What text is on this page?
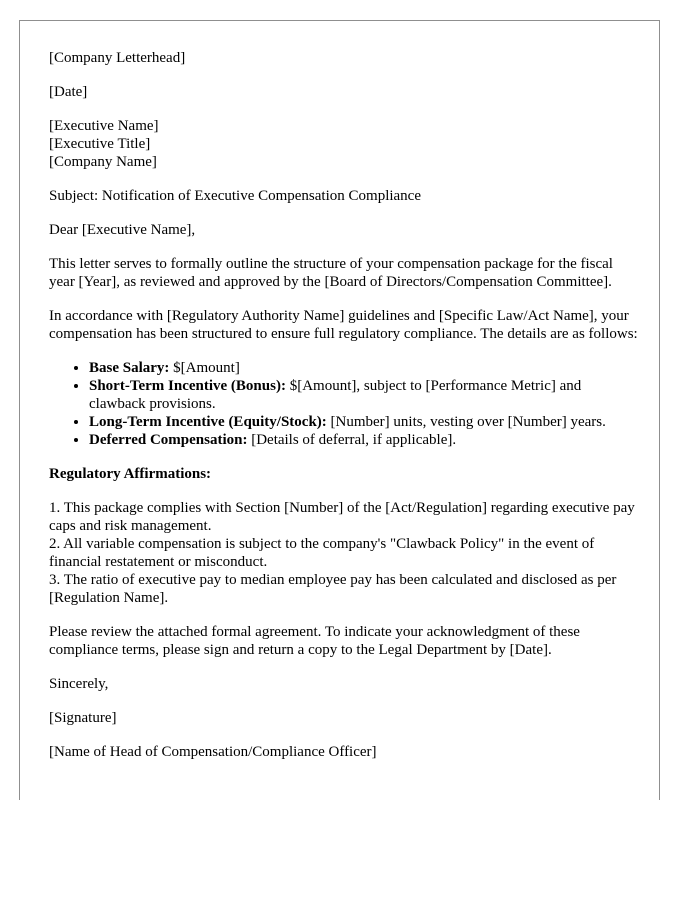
[Company Letterhead]

[Date]

[Executive Name]
[Executive Title]
[Company Name]

Subject: Notification of Executive Compensation Compliance

Dear [Executive Name],

This letter serves to formally outline the structure of your compensation package for the fiscal year [Year], as reviewed and approved by the [Board of Directors/Compensation Committee].

In accordance with [Regulatory Authority Name] guidelines and [Specific Law/Act Name], your compensation has been structured to ensure full regulatory compliance. The details are as follows:

• Base Salary: $[Amount]
• Short-Term Incentive (Bonus): $[Amount], subject to [Performance Metric] and clawback provisions.
• Long-Term Incentive (Equity/Stock): [Number] units, vesting over [Number] years.
• Deferred Compensation: [Details of deferral, if applicable].

Regulatory Affirmations:

1. This package complies with Section [Number] of the [Act/Regulation] regarding executive pay caps and risk management.
2. All variable compensation is subject to the company's "Clawback Policy" in the event of financial restatement or misconduct.
3. The ratio of executive pay to median employee pay has been calculated and disclosed as per [Regulation Name].

Please review the attached formal agreement. To indicate your acknowledgment of these compliance terms, please sign and return a copy to the Legal Department by [Date].

Sincerely,

[Signature]

[Name of Head of Compensation/Compliance Officer]
